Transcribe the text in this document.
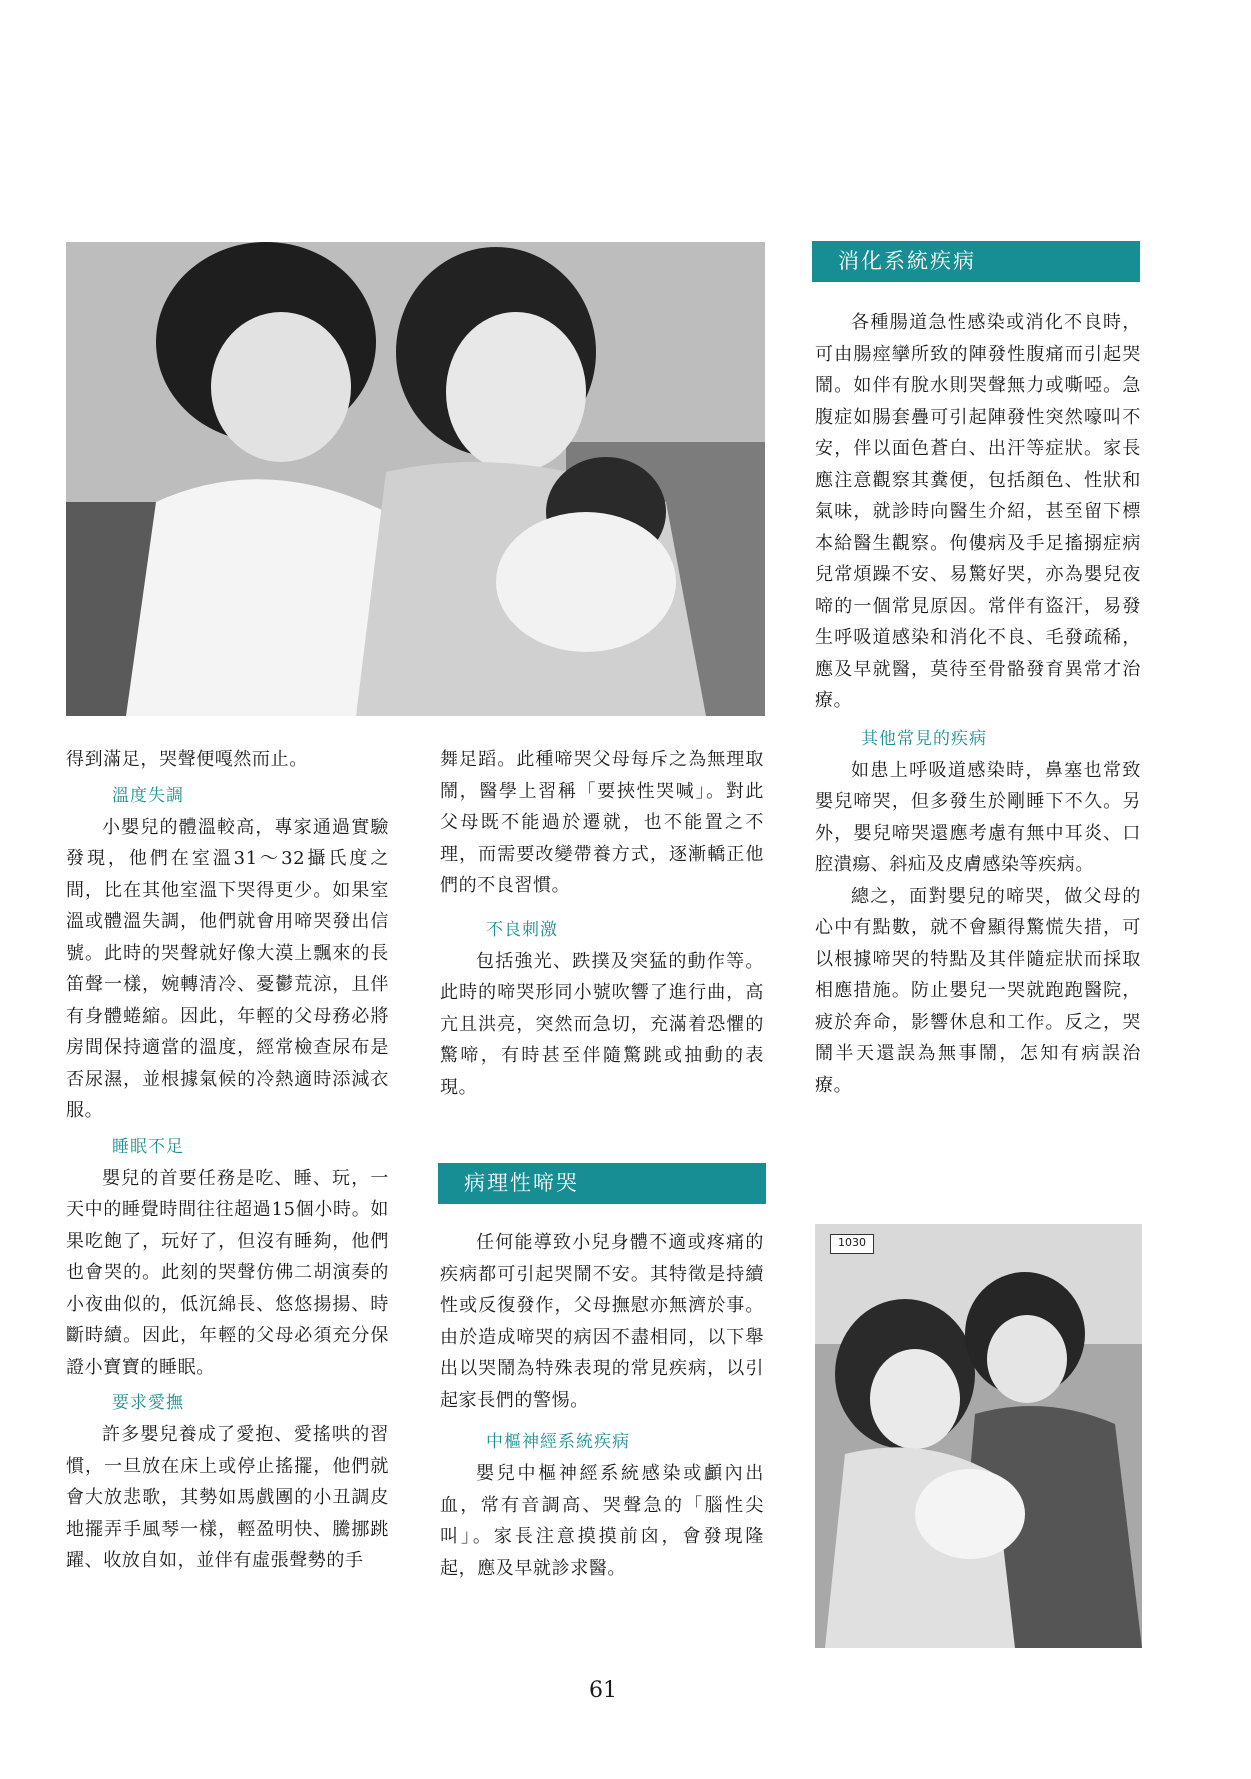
消化系統疾病

得到滿足，哭聲便嘎然而止。

溫度失調

小嬰兒的體溫較高，專家通過實驗發現，他們在室溫31～32攝氏度之間，比在其他室溫下哭得更少。如果室溫或體溫失調，他們就會用啼哭發出信號。此時的哭聲就好像大漠上飄來的長笛聲一樣，婉轉清冷、憂鬱荒涼，且伴有身體蜷縮。因此，年輕的父母務必將房間保持適當的溫度，經常檢查尿布是否尿濕，並根據氣候的冷熱適時添減衣服。

睡眠不足

嬰兒的首要任務是吃、睡、玩，一天中的睡覺時間往往超過15個小時。如果吃飽了，玩好了，但沒有睡夠，他們也會哭的。此刻的哭聲仿佛二胡演奏的小夜曲似的，低沉綿長、悠悠揚揚、時斷時續。因此，年輕的父母必須充分保證小寶寶的睡眠。

要求愛撫

許多嬰兒養成了愛抱、愛搖哄的習慣，一旦放在床上或停止搖擺，他們就會大放悲歌，其勢如馬戲團的小丑調皮地擺弄手風琴一樣，輕盈明快、騰挪跳躍、收放自如，並伴有虛張聲勢的手

舞足蹈。此種啼哭父母每斥之為無理取鬧，醫學上習稱「要挾性哭喊」。對此父母既不能過於遷就，也不能置之不理，而需要改變帶養方式，逐漸轎正他們的不良習慣。

不良刺激

包括強光、跌撲及突猛的動作等。此時的啼哭形同小號吹響了進行曲，高亢且洪亮，突然而急切，充滿着恐懼的驚啼，有時甚至伴隨驚跳或抽動的表現。

病理性啼哭

任何能導致小兒身體不適或疼痛的疾病都可引起哭鬧不安。其特徵是持續性或反復發作，父母撫慰亦無濟於事。由於造成啼哭的病因不盡相同，以下舉出以哭鬧為特殊表現的常見疾病，以引起家長們的警惕。

中樞神經系統疾病

嬰兒中樞神經系統感染或顱內出血，常有音調高、哭聲急的「腦性尖叫」。家長注意摸摸前囟，會發現隆起，應及早就診求醫。

各種腸道急性感染或消化不良時，可由腸痙攣所致的陣發性腹痛而引起哭鬧。如伴有脫水則哭聲無力或嘶啞。急腹症如腸套疊可引起陣發性突然嚎叫不安，伴以面色蒼白、出汗等症狀。家長應注意觀察其糞便，包括顏色、性狀和氣味，就診時向醫生介紹，甚至留下標本給醫生觀察。佝僂病及手足搐搦症病兒常煩躁不安、易驚好哭，亦為嬰兒夜啼的一個常見原因。常伴有盜汗，易發生呼吸道感染和消化不良、毛發疏稀，應及早就醫，莫待至骨骼發育異常才治療。

其他常見的疾病

如患上呼吸道感染時，鼻塞也常致嬰兒啼哭，但多發生於剛睡下不久。另外，嬰兒啼哭還應考慮有無中耳炎、口腔潰瘍、斜疝及皮膚感染等疾病。

總之，面對嬰兒的啼哭，做父母的心中有點數，就不會顯得驚慌失措，可以根據啼哭的特點及其伴隨症狀而採取相應措施。防止嬰兒一哭就跑跑醫院，疲於奔命，影響休息和工作。反之，哭鬧半天還誤為無事鬧，怎知有病誤治療。

1030
61
